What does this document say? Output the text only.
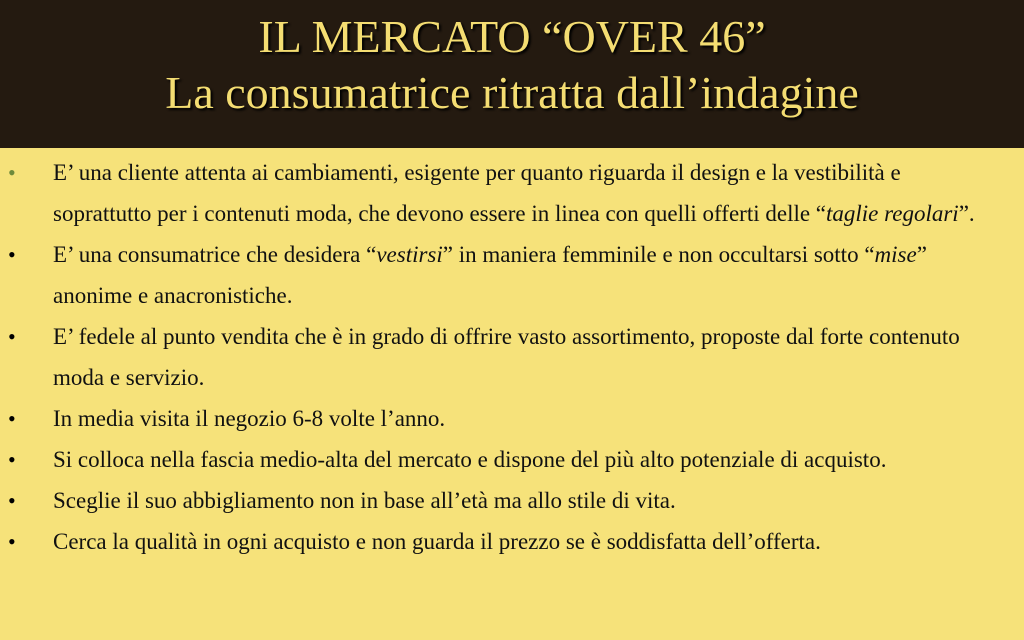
IL MERCATO “OVER 46”
La consumatrice ritratta dall’indagine
• E’ una cliente attenta ai cambiamenti, esigente per quanto riguarda il design e la vestibilità e soprattutto per i contenuti moda, che devono essere in linea con quelli offerti delle “taglie regolari”.
• E’ una consumatrice che desidera “vestirsi” in maniera femminile e non occultarsi sotto “mise” anonime e anacronistiche.
• E’ fedele al punto vendita che è in grado di offrire vasto assortimento, proposte dal forte contenuto moda e servizio.
• In media visita il negozio 6-8 volte l’anno.
• Si colloca nella fascia medio-alta del mercato e dispone del più alto potenziale di acquisto.
• Sceglie il suo abbigliamento non in base all’età ma allo stile di vita.
• Cerca la qualità in ogni acquisto e non guarda il prezzo se è soddisfatta dell’offerta.
